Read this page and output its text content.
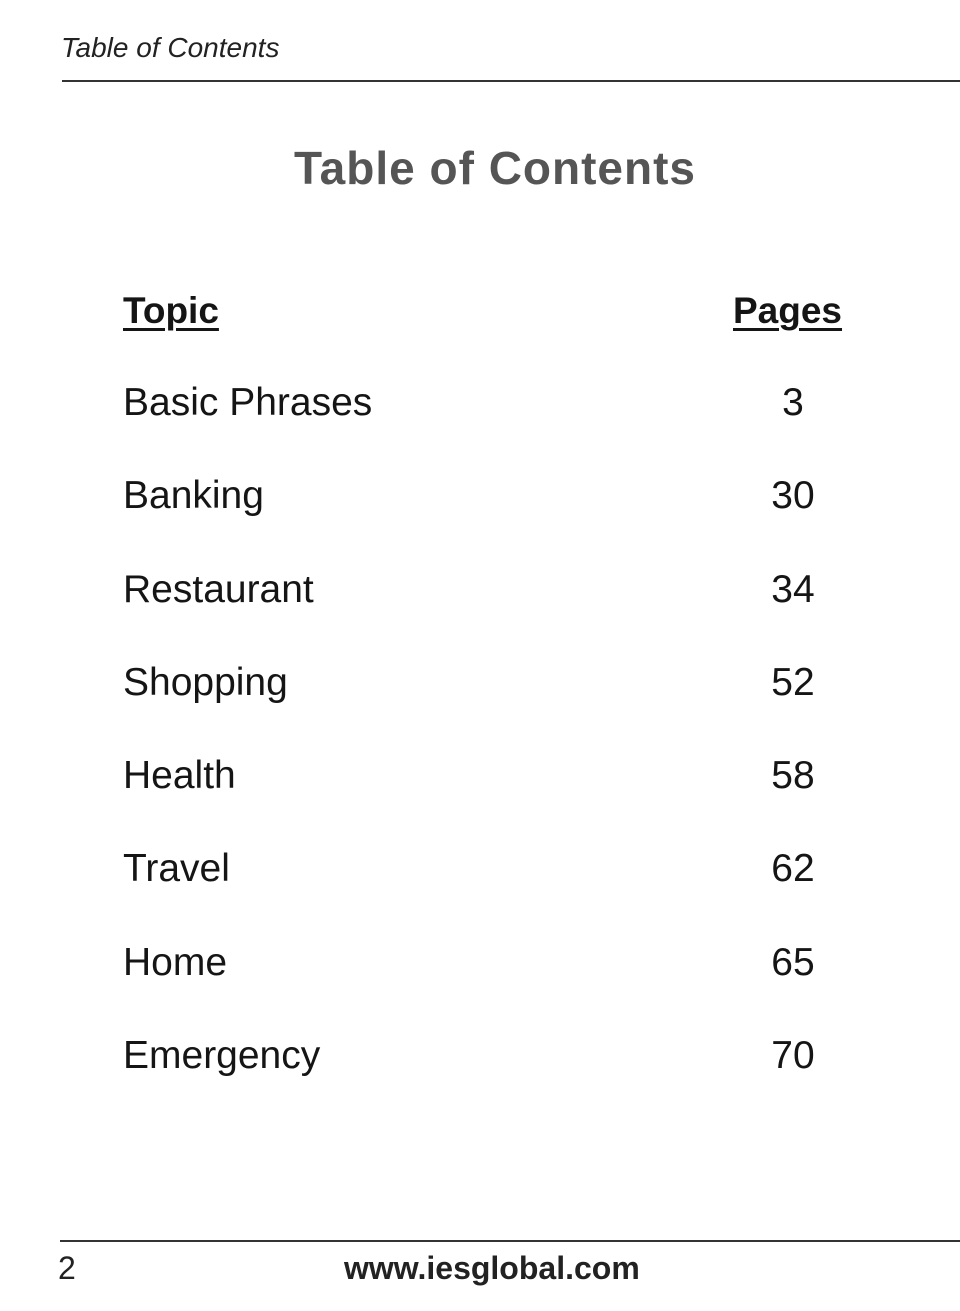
Table of Contents
Table of Contents
Topic	Pages
Basic Phrases	3
Banking	30
Restaurant	34
Shopping	52
Health	58
Travel	62
Home	65
Emergency	70
2	www.iesglobal.com
